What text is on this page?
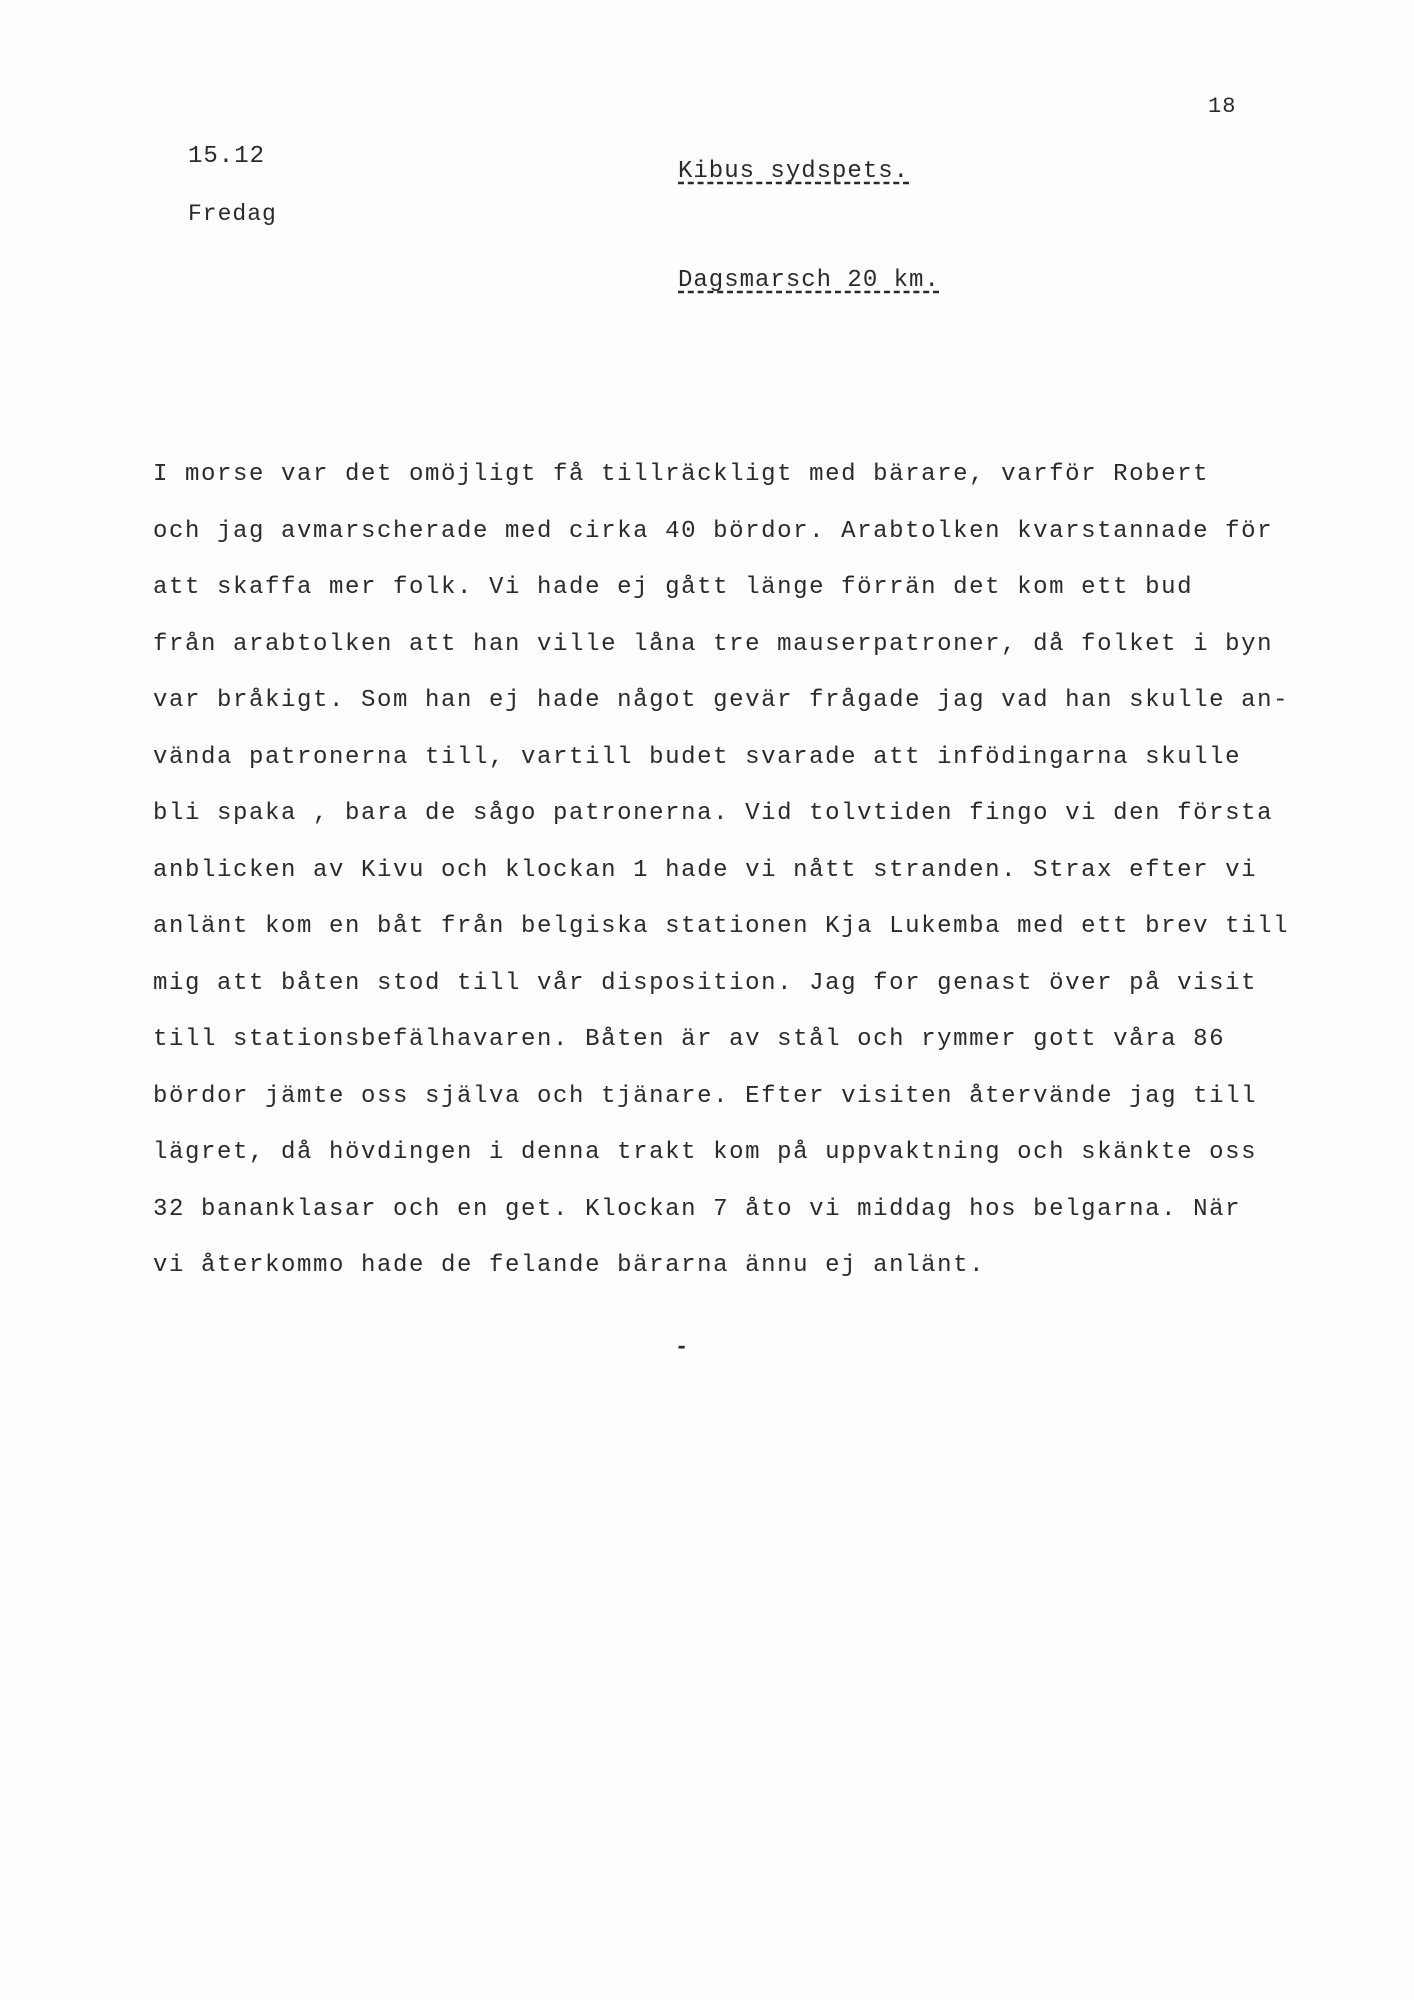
18
15.12
Fredag
Kibus sydspets.
Dagsmarsch 20 km.
I morse var det omöjligt få tillräckligt med bärare, varför Robert
och jag avmarscherade med cirka 40 bördor. Arabtolken kvarstannade för
att skaffa mer folk. Vi hade ej gått länge förrän det kom ett bud
från arabtolken att han ville låna tre mauserpatroner, då folket i byn
var bråkigt. Som han ej hade något gevär frågade jag vad han skulle an-
vända patronerna till, vartill budet svarade att infödingarna skulle
bli spaka , bara de sågo patronerna. Vid tolvtiden fingo vi den första
anblicken av Kivu och klockan 1 hade vi nått stranden. Strax efter vi
anlänt kom en båt från belgiska stationen Kja Lukemba med ett brev till
mig att båten stod till vår disposition. Jag for genast över på visit
till stationsbefälhavaren. Båten är av stål och rymmer gott våra 86
bördor jämte oss själva och tjänare. Efter visiten återvände jag till
lägret, då hövdingen i denna trakt kom på uppvaktning och skänkte oss
32 bananklasar och en get. Klockan 7 åto vi middag hos belgarna. När
vi återkommo hade de felande bärarna ännu ej anlänt.
-
